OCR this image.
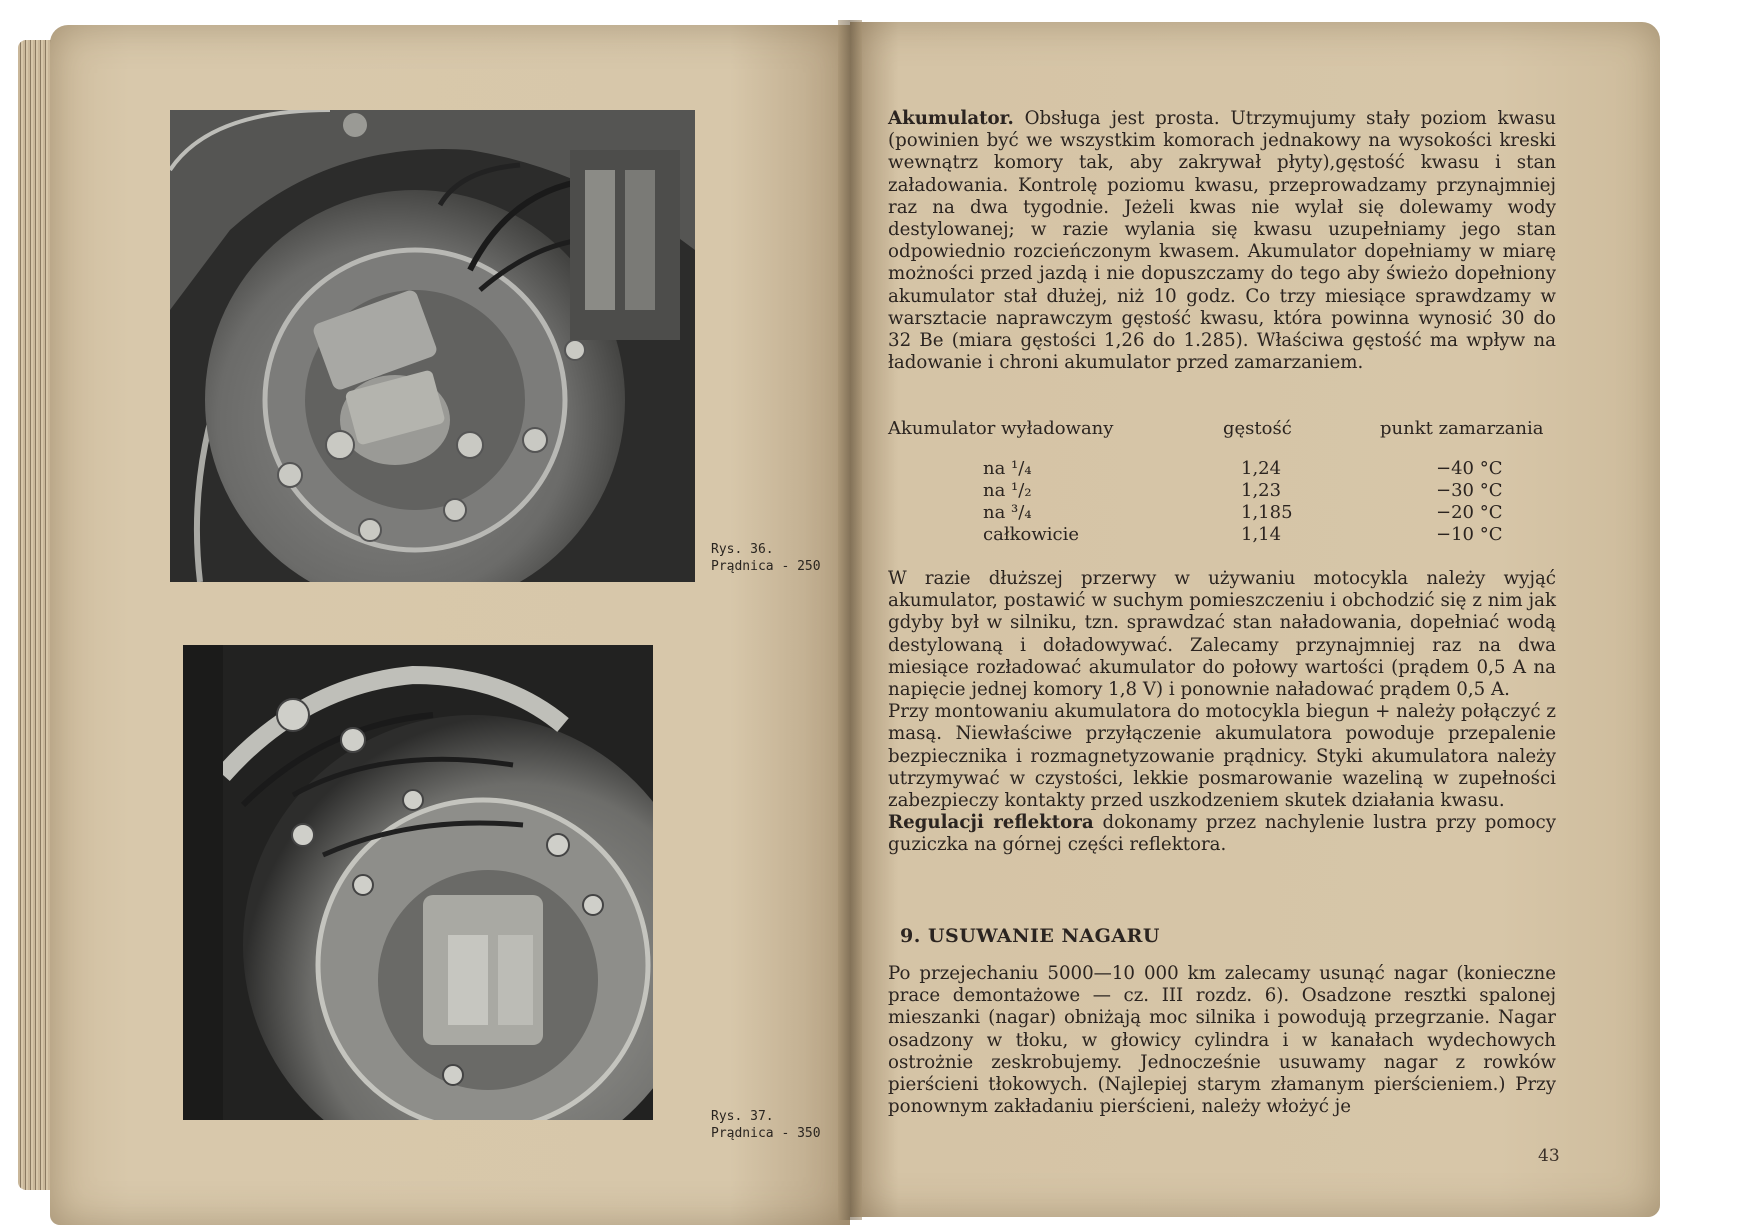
Rys. 36.
Prądnica - 250
Rys. 37.
Prądnica - 350

Akumulator. Obsługa jest prosta. Utrzymujumy stały poziom kwasu (powinien być we wszystkim komorach jednakowy na wysokości kreski wewnątrz komory tak, aby zakrywał płyty),gęstość kwasu i stan załadowania. Kontrolę poziomu kwasu, przeprowadzamy przynajmniej raz na dwa tygodnie. Jeżeli kwas nie wylał się dolewamy wody destylowanej; w razie wylania się kwasu uzupełniamy jego stan odpowiednio rozcieńczonym kwasem. Akumulator dopełniamy w miarę możności przed jazdą i nie dopuszczamy do tego aby świeżo dopełniony akumulator stał dłużej, niż 10 godz. Co trzy miesiące sprawdzamy w warsztacie naprawczym gęstość kwasu, która powinna wynosić 30 do 32 Be (miara gęstości 1,26 do 1.285). Właściwa gęstość ma wpływ na ładowanie i chroni akumulator przed zamarzaniem.

Akumulator wyładowany	gęstość	punkt zamarzania
na ¹/₄	1,24	−40 °C
na ¹/₂	1,23	−30 °C
na ³/₄	1,185	−20 °C
całkowicie	1,14	−10 °C

W razie dłuższej przerwy w używaniu motocykla należy wyjąć akumulator, postawić w suchym pomieszczeniu i obchodzić się z nim jak gdyby był w silniku, tzn. sprawdzać stan naładowania, dopełniać wodą destylowaną i doładowywać. Zalecamy przynajmniej raz na dwa miesiące rozładować akumulator do połowy wartości (prądem 0,5 A na napięcie jednej komory 1,8 V) i ponownie naładować prądem 0,5 A.

Przy montowaniu akumulatora do motocykla biegun + należy połączyć z masą. Niewłaściwe przyłączenie akumulatora powoduje przepalenie bezpiecznika i rozmagnetyzowanie prądnicy. Styki akumulatora należy utrzymywać w czystości, lekkie posmarowanie wazeliną w zupełności zabezpieczy kontakty przed uszkodzeniem skutek działania kwasu.

Regulacji reflektora dokonamy przez nachylenie lustra przy pomocy guziczka na górnej części reflektora.

9. USUWANIE NAGARU

Po przejechaniu 5000—10 000 km zalecamy usunąć nagar (konieczne prace demontażowe — cz. III rozdz. 6). Osadzone resztki spalonej mieszanki (nagar) obniżają moc silnika i powodują przegrzanie. Nagar osadzony w tłoku, w głowicy cylindra i w kanałach wydechowych ostrożnie zeskrobujemy. Jednocześnie usuwamy nagar z rowków pierścieni tłokowych. (Najlepiej starym złamanym pierścieniem.) Przy ponownym zakładaniu pierścieni, należy włożyć je

43
